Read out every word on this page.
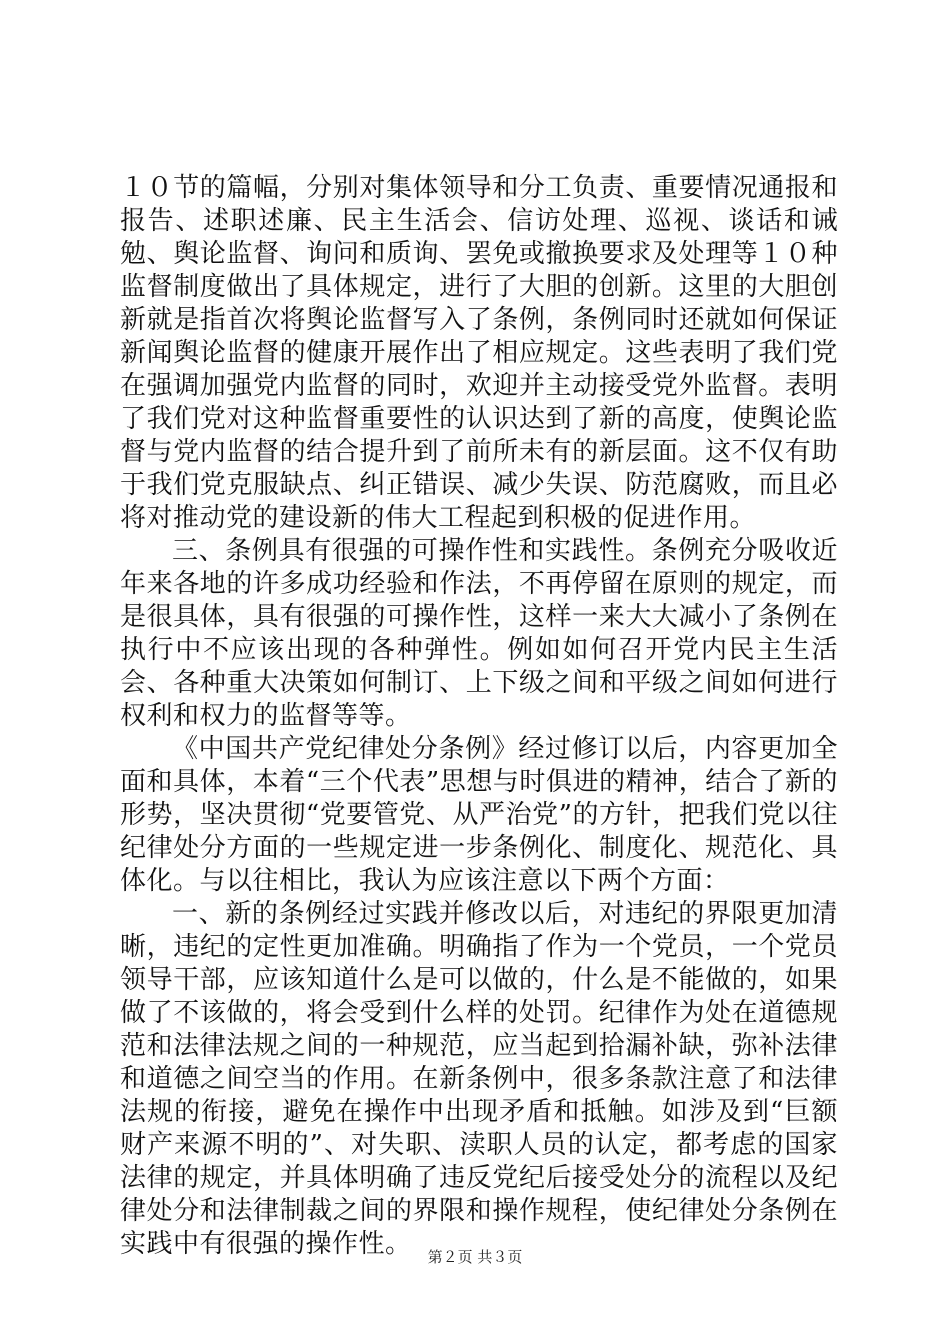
１０节的篇幅，分别对集体领导和分工负责、重要情况通报和报告、述职述廉、民主生活会、信访处理、巡视、谈话和诫勉、舆论监督、询问和质询、罢免或撤换要求及处理等１０种监督制度做出了具体规定，进行了大胆的创新。这里的大胆创新就是指首次将舆论监督写入了条例，条例同时还就如何保证新闻舆论监督的健康开展作出了相应规定。这些表明了我们党在强调加强党内监督的同时，欢迎并主动接受党外监督。表明了我们党对这种监督重要性的认识达到了新的高度，使舆论监督与党内监督的结合提升到了前所未有的新层面。这不仅有助于我们党克服缺点、纠正错误、减少失误、防范腐败，而且必将对推动党的建设新的伟大工程起到积极的促进作用。

三、条例具有很强的可操作性和实践性。条例充分吸收近年来各地的许多成功经验和作法，不再停留在原则的规定，而是很具体，具有很强的可操作性，这样一来大大减小了条例在执行中不应该出现的各种弹性。例如如何召开党内民主生活会、各种重大决策如何制订、上下级之间和平级之间如何进行权利和权力的监督等等。

《中国共产党纪律处分条例》经过修订以后，内容更加全面和具体，本着“三个代表”思想与时俱进的精神，结合了新的形势，坚决贯彻“党要管党、从严治党”的方针，把我们党以往纪律处分方面的一些规定进一步条例化、制度化、规范化、具体化。与以往相比，我认为应该注意以下两个方面：

一、新的条例经过实践并修改以后，对违纪的界限更加清晰，违纪的定性更加准确。明确指了作为一个党员，一个党员领导干部，应该知道什么是可以做的，什么是不能做的，如果做了不该做的，将会受到什么样的处罚。纪律作为处在道德规范和法律法规之间的一种规范，应当起到拾漏补缺，弥补法律和道德之间空当的作用。在新条例中，很多条款注意了和法律法规的衔接，避免在操作中出现矛盾和抵触。如涉及到“巨额财产来源不明的”、对失职、渎职人员的认定，都考虑的国家法律的规定，并具体明确了违反党纪后接受处分的流程以及纪律处分和法律制裁之间的界限和操作规程，使纪律处分条例在实践中有很强的操作性。	第２页 共３页
